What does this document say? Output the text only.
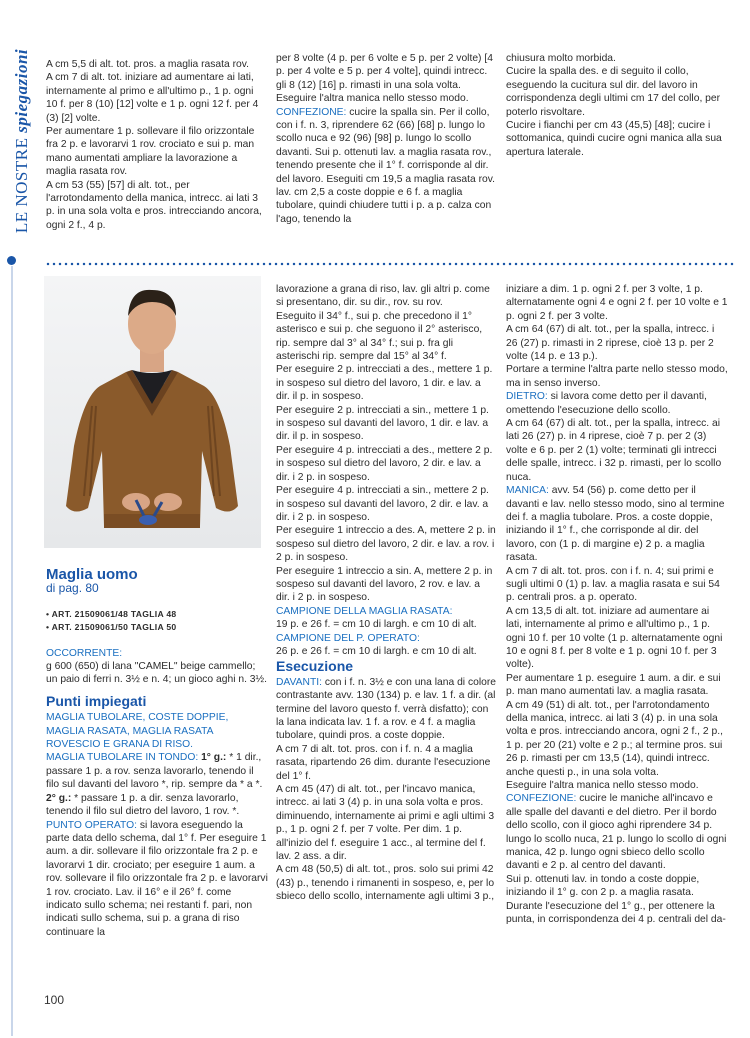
LE NOSTRE spiegazioni A cm 5,5 di alt. tot. pros. a maglia rasata rov.

A cm 7 di alt. tot. iniziare ad aumentare ai lati, internamente al primo e all'ultimo p., 1 p. ogni 10 f. per 8 (10) [12] volte e 1 p. ogni 12 f. per 4 (3) [2] volte.

Per aumentare 1 p. sollevare il filo orizzontale fra 2 p. e lavorarvi 1 rov. crociato e sui p. man mano aumentati ampliare la lavorazione a maglia rasata rov.

A cm 53 (55) [57] di alt. tot., per l'arrotondamento della manica, intrecc. ai lati 3 p. in una sola volta e pros. intrecciando ancora, ogni 2 f., 4 p.

per 8 volte (4 p. per 6 volte e 5 p. per 2 volte) [4 p. per 4 volte e 5 p. per 4 volte], quindi intrecc. gli 8 (12) [16] p. rimasti in una sola volta.

Eseguire l'altra manica nello stesso modo.

CONFEZIONE: cucire la spalla sin. Per il collo, con i f. n. 3, riprendere 62 (66) [68] p. lungo lo scollo nuca e 92 (96) [98] p. lungo lo scollo davanti. Sui p. ottenuti lav. a maglia rasata rov., tenendo presente che il 1° f. corrisponde al dir. del lavoro. Eseguiti cm 19,5 a maglia rasata rov. lav. cm 2,5 a coste doppie e 6 f. a maglia tubolare, quindi chiudere tutti i p. a p. calza con l'ago, tenendo la

chiusura molto morbida.

Cucire la spalla des. e di seguito il collo, eseguendo la cucitura sul dir. del lavoro in corrispondenza degli ultimi cm 17 del collo, per poterlo risvoltare.

Cucire i fianchi per cm 43 (45,5) [48]; cucire i sottomanica, quindi cucire ogni manica alla sua apertura laterale.

Maglia uomo
di pag. 80
• ART. 21509061/48 TAGLIA 48
• ART. 21509061/50 TAGLIA 50

OCCORRENTE:

g 600 (650) di lana "CAMEL" beige cammello; un paio di ferri n. 3½ e n. 4; un gioco aghi n. 3½.

Punti impiegati

MAGLIA TUBOLARE, COSTE DOPPIE, MAGLIA RASATA, MAGLIA RASATA ROVESCIO E GRANA DI RISO.

MAGLIA TUBOLARE IN TONDO: 1° g.: * 1 dir., passare 1 p. a rov. senza lavorarlo, tenendo il filo sul davanti del lavoro *, rip. sempre da * a *.

2° g.: * passare 1 p. a dir. senza lavorarlo, tenendo il filo sul dietro del lavoro, 1 rov. *.

PUNTO OPERATO: si lavora eseguendo la parte data dello schema, dal 1° f. Per eseguire 1 aum. a dir. sollevare il filo orizzontale fra 2 p. e lavorarvi 1 dir. crociato; per eseguire 1 aum. a rov. sollevare il filo orizzontale fra 2 p. e lavorarvi 1 rov. crociato. Lav. il 16° e il 26° f. come indicato sullo schema; nei restanti f. pari, non indicati sullo schema, sui p. a grana di riso continuare la

lavorazione a grana di riso, lav. gli altri p. come si presentano, dir. su dir., rov. su rov.

Eseguito il 34° f., sui p. che precedono il 1° asterisco e sui p. che seguono il 2° asterisco, rip. sempre dal 3° al 34° f.; sui p. fra gli asterischi rip. sempre dal 15° al 34° f.

Per eseguire 2 p. intrecciati a des., mettere 1 p. in sospeso sul dietro del lavoro, 1 dir. e lav. a dir. il p. in sospeso.

Per eseguire 2 p. intrecciati a sin., mettere 1 p. in sospeso sul davanti del lavoro, 1 dir. e lav. a dir. il p. in sospeso.

Per eseguire 4 p. intrecciati a des., mettere 2 p. in sospeso sul dietro del lavoro, 2 dir. e lav. a dir. i 2 p. in sospeso.

Per eseguire 4 p. intrecciati a sin., mettere 2 p. in sospeso sul davanti del lavoro, 2 dir. e lav. a dir. i 2 p. in sospeso.

Per eseguire 1 intreccio a des. A, mettere 2 p. in sospeso sul dietro del lavoro, 2 dir. e lav. a rov. i 2 p. in sospeso.

Per eseguire 1 intreccio a sin. A, mettere 2 p. in sospeso sul davanti del lavoro, 2 rov. e lav. a dir. i 2 p. in sospeso.

CAMPIONE DELLA MAGLIA RASATA:

19 p. e 26 f. = cm 10 di largh. e cm 10 di alt.

CAMPIONE DEL P. OPERATO:

26 p. e 26 f. = cm 10 di largh. e cm 10 di alt.

Esecuzione

DAVANTI: con i f. n. 3½ e con una lana di colore contrastante avv. 130 (134) p. e lav. 1 f. a dir. (al termine del lavoro questo f. verrà disfatto); con la lana indicata lav. 1 f. a rov. e 4 f. a maglia tubolare, quindi pros. a coste doppie.

A cm 7 di alt. tot. pros. con i f. n. 4 a maglia rasata, ripartendo 26 dim. durante l'esecuzione del 1° f.

A cm 45 (47) di alt. tot., per l'incavo manica, intrecc. ai lati 3 (4) p. in una sola volta e pros. diminuendo, internamente ai primi e agli ultimi 3 p., 1 p. ogni 2 f. per 7 volte. Per dim. 1 p. all'inizio del f. eseguire 1 acc., al termine del f. lav. 2 ass. a dir.

A cm 48 (50,5) di alt. tot., pros. solo sui primi 42 (43) p., tenendo i rimanenti in sospeso, e, per lo sbieco dello scollo, internamente agli ultimi 3 p.,

iniziare a dim. 1 p. ogni 2 f. per 3 volte, 1 p. alternatamente ogni 4 e ogni 2 f. per 10 volte e 1 p. ogni 2 f. per 3 volte.

A cm 64 (67) di alt. tot., per la spalla, intrecc. i 26 (27) p. rimasti in 2 riprese, cioè 13 p. per 2 volte (14 p. e 13 p.).

Portare a termine l'altra parte nello stesso modo, ma in senso inverso.

DIETRO: si lavora come detto per il davanti, omettendo l'esecuzione dello scollo.

A cm 64 (67) di alt. tot., per la spalla, intrecc. ai lati 26 (27) p. in 4 riprese, cioè 7 p. per 2 (3) volte e 6 p. per 2 (1) volte; terminati gli intrecci delle spalle, intrecc. i 32 p. rimasti, per lo scollo nuca.

MANICA: avv. 54 (56) p. come detto per il davanti e lav. nello stesso modo, sino al termine dei f. a maglia tubolare. Pros. a coste doppie, iniziando il 1° f., che corrisponde al dir. del lavoro, con (1 p. di margine e) 2 p. a maglia rasata.

A cm 7 di alt. tot. pros. con i f. n. 4; sui primi e sugli ultimi 0 (1) p. lav. a maglia rasata e sui 54 p. centrali pros. a p. operato.

A cm 13,5 di alt. tot. iniziare ad aumentare ai lati, internamente al primo e all'ultimo p., 1 p. ogni 10 f. per 10 volte (1 p. alternatamente ogni 10 e ogni 8 f. per 8 volte e 1 p. ogni 10 f. per 3 volte).

Per aumentare 1 p. eseguire 1 aum. a dir. e sui p. man mano aumentati lav. a maglia rasata.

A cm 49 (51) di alt. tot., per l'arrotondamento della manica, intrecc. ai lati 3 (4) p. in una sola volta e pros. intrecciando ancora, ogni 2 f., 2 p., 1 p. per 20 (21) volte e 2 p.; al termine pros. sui 26 p. rimasti per cm 13,5 (14), quindi intrecc. anche questi p., in una sola volta.

Eseguire l'altra manica nello stesso modo.

CONFEZIONE: cucire le maniche all'incavo e alle spalle del davanti e del dietro. Per il bordo dello scollo, con il gioco aghi riprendere 34 p. lungo lo scollo nuca, 21 p. lungo lo scollo di ogni manica, 42 p. lungo ogni sbieco dello scollo davanti e 2 p. al centro del davanti.

Sui p. ottenuti lav. in tondo a coste doppie, iniziando il 1° g. con 2 p. a maglia rasata.

Durante l'esecuzione del 1° g., per ottenere la punta, in corrispondenza dei 4 p. centrali del da-

100
